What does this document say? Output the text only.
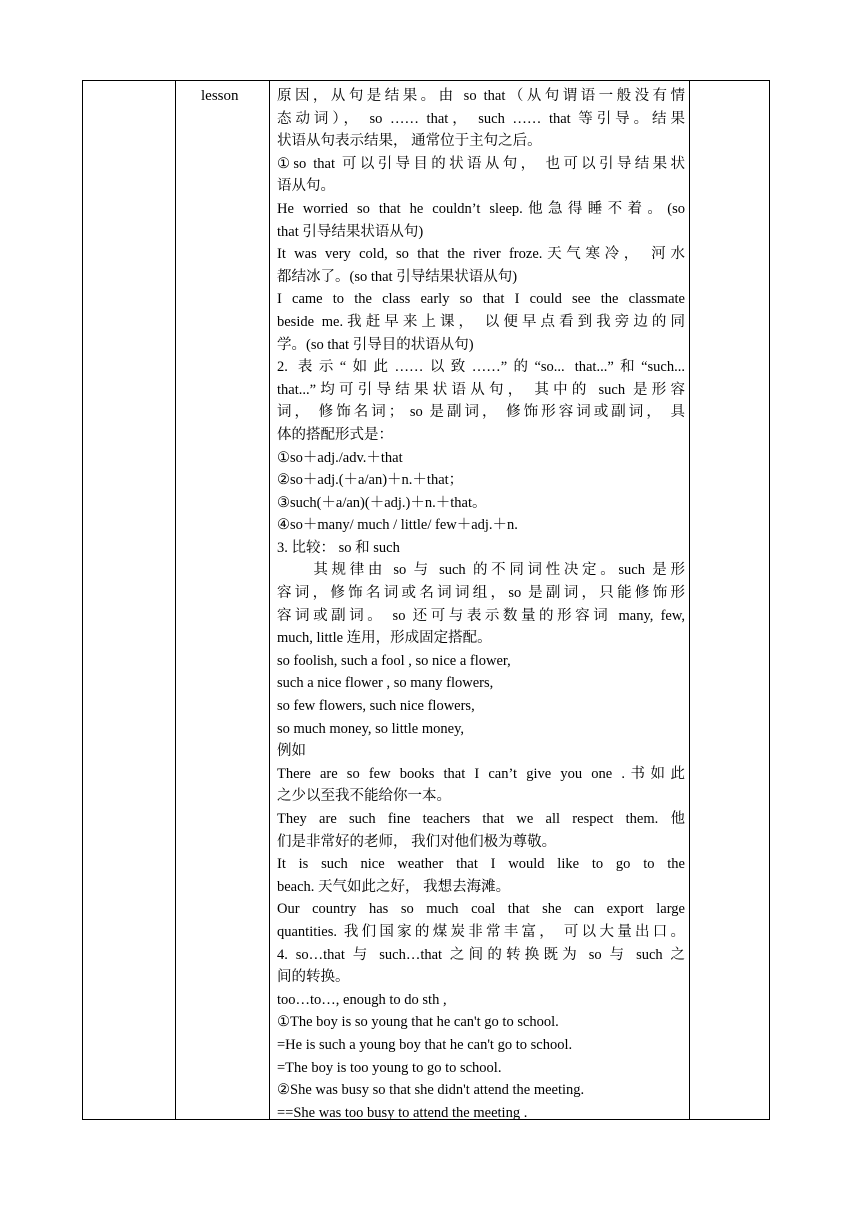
lesson	原因，从句是结果。由 so that（从句谓语一般没有情

态动词）， so …… that， such …… that 等引导。结果

状语从句表示结果， 通常位于主句之后。

①so that 可以引导目的状语从句， 也可以引导结果状

语从句。

He worried so that he couldn’t sleep.他急得睡不着。(so

that 引导结果状语从句)

It was very cold, so that the river froze.天气寒冷， 河水

都结冰了。(so that 引导结果状语从句)

I came to the class early so that I could see the classmate

beside me.我赶早来上课， 以便早点看到我旁边的同

学。(so that 引导目的状语从句)

2. 表示“如此……以致……”的“so... that...”和“such...

that...”均可引导结果状语从句， 其中的 such 是形容

词， 修饰名词； so 是副词， 修饰形容词或副词， 具

体的搭配形式是：

①so＋adj./adv.＋that

②so＋adj.(＋a/an)＋n.＋that；

③such(＋a/an)(＋adj.)＋n.＋that。

④so＋many/ much / little/ few＋adj.＋n.

3. 比较： so 和 such

　　其规律由 so 与 such 的不同词性决定。such 是形

容词，修饰名词或名词词组，so 是副词，只能修饰形

容词或副词。 so 还可与表示数量的形容词 many, few,

much, little 连用，形成固定搭配。

so foolish, such a fool , so nice a flower,

such a nice flower , so many flowers,

so few flowers, such nice flowers,

so much money, so little money,

例如

There are so few books that I can’t give you one .书如此

之少以至我不能给你一本。

They are such fine teachers that we all respect them. 他

们是非常好的老师， 我们对他们极为尊敬。

It is such nice weather that I would like to go to the

beach. 天气如此之好， 我想去海滩。

Our country has so much coal that she can export large

quantities. 我们国家的煤炭非常丰富， 可以大量出口。

4. so…that 与 such…that 之间的转换既为 so 与 such 之

间的转换。

too…to…, enough to do sth ,

①The boy is so young that he can't go to school.

=He is such a young boy that he can't go to school.

=The boy is too young to go to school.

②She was busy so that she didn't attend the meeting.

==She was too busy to attend the meeting .
